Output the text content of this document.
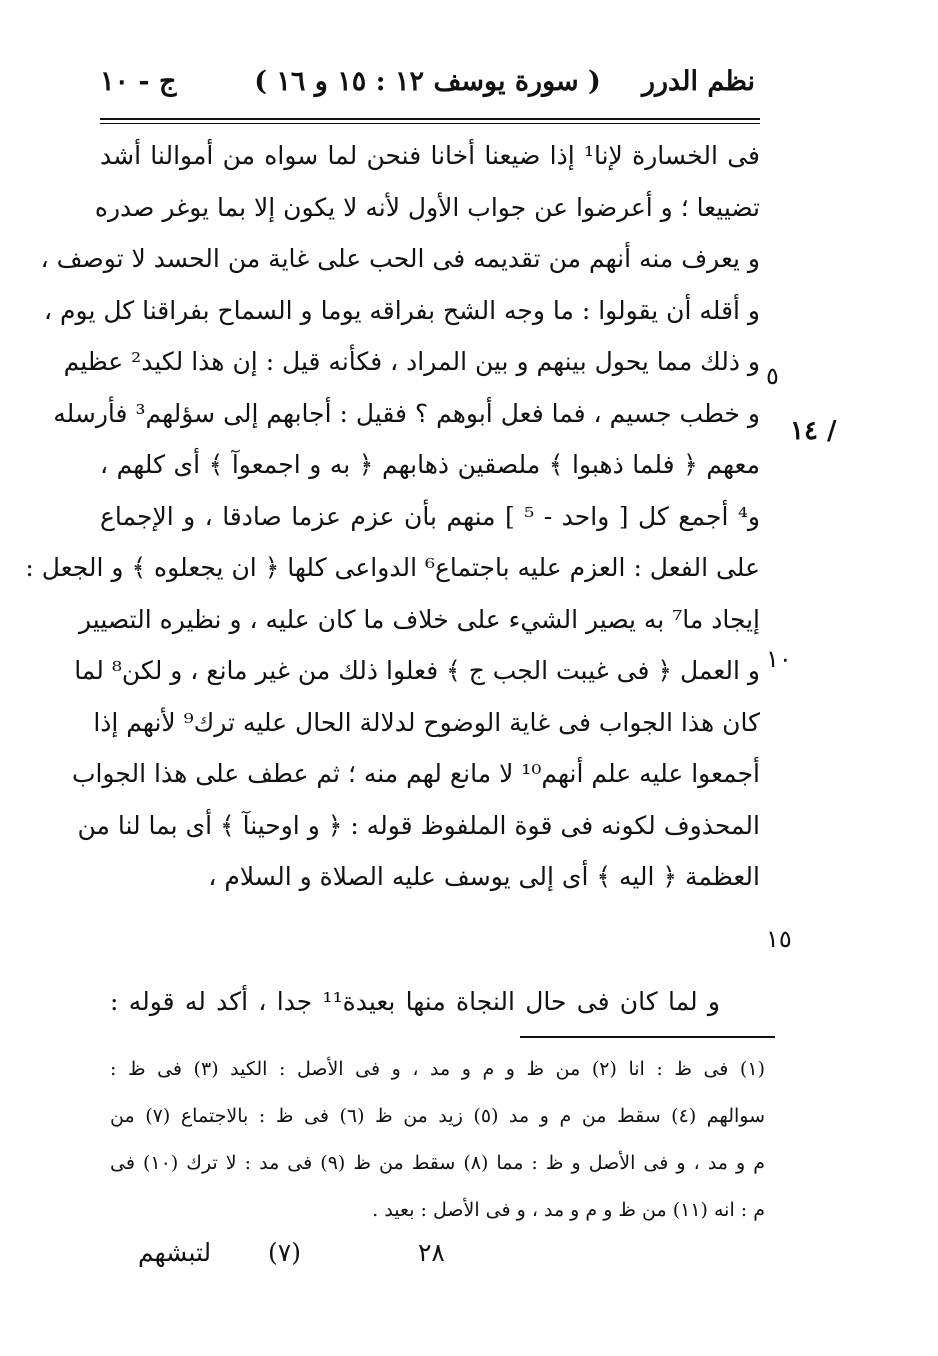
نظم الدرر
( سورة يوسف ١٢ : ١٥ و ١٦ )
ج - ١٠
فى الخسارة لإنا¹ إذا ضيعنا أخانا فنحن لما سواه من أموالنا أشد
تضييعا ؛ و أعرضوا عن جواب الأول لأنه لا يكون إلا بما يوغر صدره
و يعرف منه أنهم من تقديمه فى الحب على غاية من الحسد لا توصف ،
و أقله أن يقولوا : ما وجه الشح بفراقه يوما و السماح بفراقنا كل يوم ،
و ذلك مما يحول بينهم و بين المراد ، فكأنه قيل : إن هذا لكيد² عظيم
و خطب جسيم ، فما فعل أبوهم ؟ فقيل : أجابهم إلى سؤلهم³ فأرسله
معهم ﴿ فلما ذهبوا ﴾ ملصقين ذهابهم ﴿ به و اجمعوآ ﴾ أى كلهم ،
و⁴ أجمع كل [ واحد - ⁵ ] منهم بأن عزم عزما صادقا ، و الإجماع
على الفعل : العزم عليه باجتماع⁶ الدواعى كلها ﴿ ان يجعلوه ﴾ و الجعل :
إيجاد ما⁷ به يصير الشيء على خلاف ما كان عليه ، و نظيره التصيير
و العمل ﴿ فى غيبت الجب ج ﴾ فعلوا ذلك من غير مانع ، و لكن⁸ لما
كان هذا الجواب فى غاية الوضوح لدلالة الحال عليه ترك⁹ لأنهم إذا
أجمعوا عليه علم أنهم¹⁰ لا مانع لهم منه ؛ ثم عطف على هذا الجواب
المحذوف لكونه فى قوة الملفوظ قوله : ﴿ و اوحينآ ﴾ أى بما لنا من
العظمة ﴿ اليه ﴾ أى إلى يوسف عليه الصلاة و السلام ،
٥
١٠
١٥
١٤ /
و لما كان فى حال النجاة منها بعيدة¹¹ جدا ، أكد له قوله :
(١) فى ظ : انا (٢) من ظ و م و مد ، و فى الأصل : الكيد (٣) فى ظ :
سوالهم (٤) سقط من م و مد (٥) زيد من ظ (٦) فى ظ : بالاجتماع (٧) من
م و مد ، و فى الأصل و ظ : مما (٨) سقط من ظ (٩) فى مد : لا ترك (١٠) فى
م : انه (١١) من ظ و م و مد ، و فى الأصل : بعيد .
٢٨
(٧)
لتبشهم
